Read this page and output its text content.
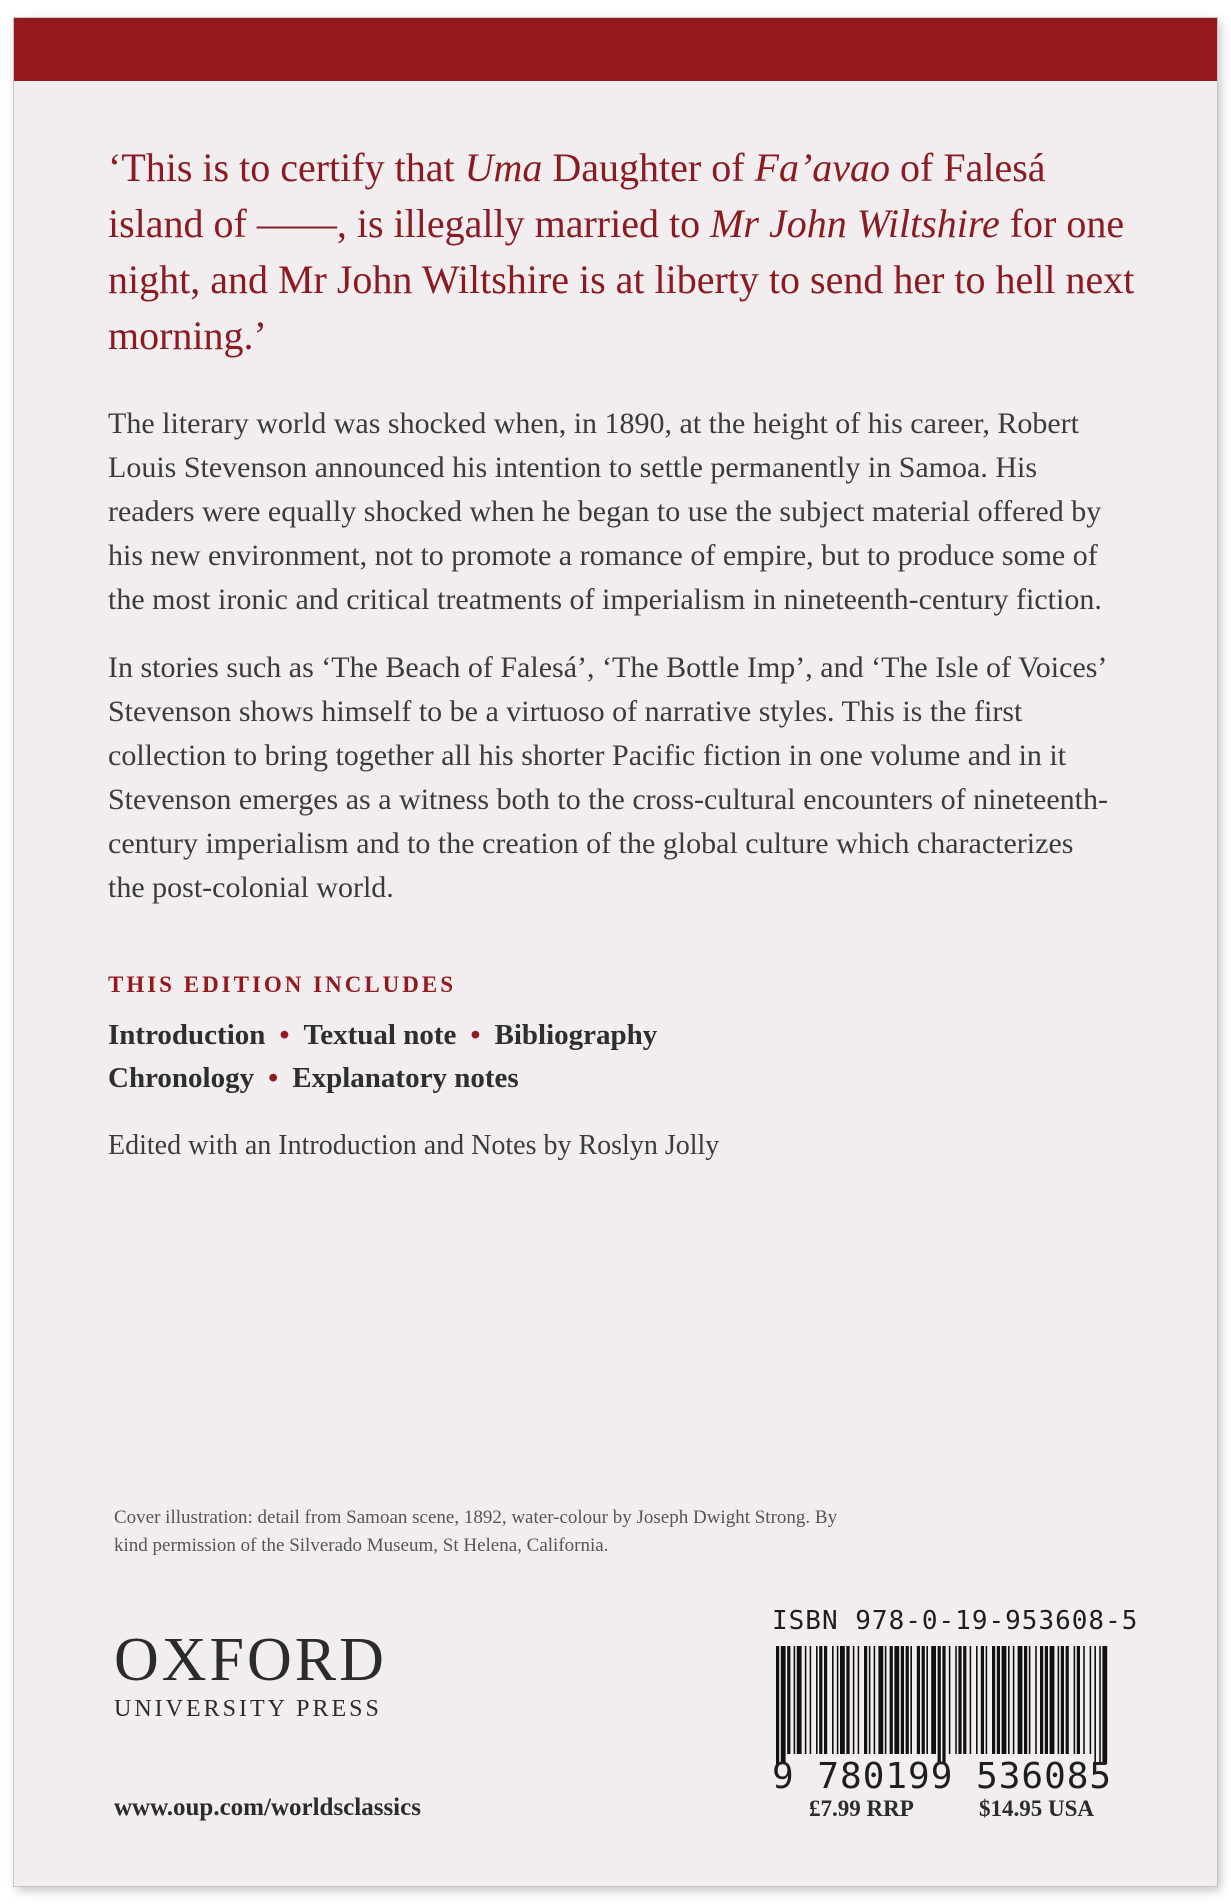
‘This is to certify that Uma Daughter of Fa’avao of Falesá island of ——, is illegally married to Mr John Wiltshire for one night, and Mr John Wiltshire is at liberty to send her to hell next morning.’

The literary world was shocked when, in 1890, at the height of his career, Robert Louis Stevenson announced his intention to settle permanently in Samoa. His readers were equally shocked when he began to use the subject material offered by his new environment, not to promote a romance of empire, but to produce some of the most ironic and critical treatments of imperialism in nineteenth-century fiction.

In stories such as ‘The Beach of Falesá’, ‘The Bottle Imp’, and ‘The Isle of Voices’ Stevenson shows himself to be a virtuoso of narrative styles. This is the first collection to bring together all his shorter Pacific fiction in one volume and in it Stevenson emerges as a witness both to the cross-cultural encounters of nineteenth-century imperialism and to the creation of the global culture which characterizes the post-colonial world.

THIS EDITION INCLUDES
Introduction • Textual note • Bibliography
Chronology • Explanatory notes
Edited with an Introduction and Notes by Roslyn Jolly
Cover illustration: detail from Samoan scene, 1892, water-colour by Joseph Dwight Strong. By kind permission of the Silverado Museum, St Helena, California.
OXFORD
UNIVERSITY PRESS
www.oup.com/worldsclassics
ISBN 978-0-19-953608-5
9 780199 536085
£7.99 RRP	$14.95 USA
